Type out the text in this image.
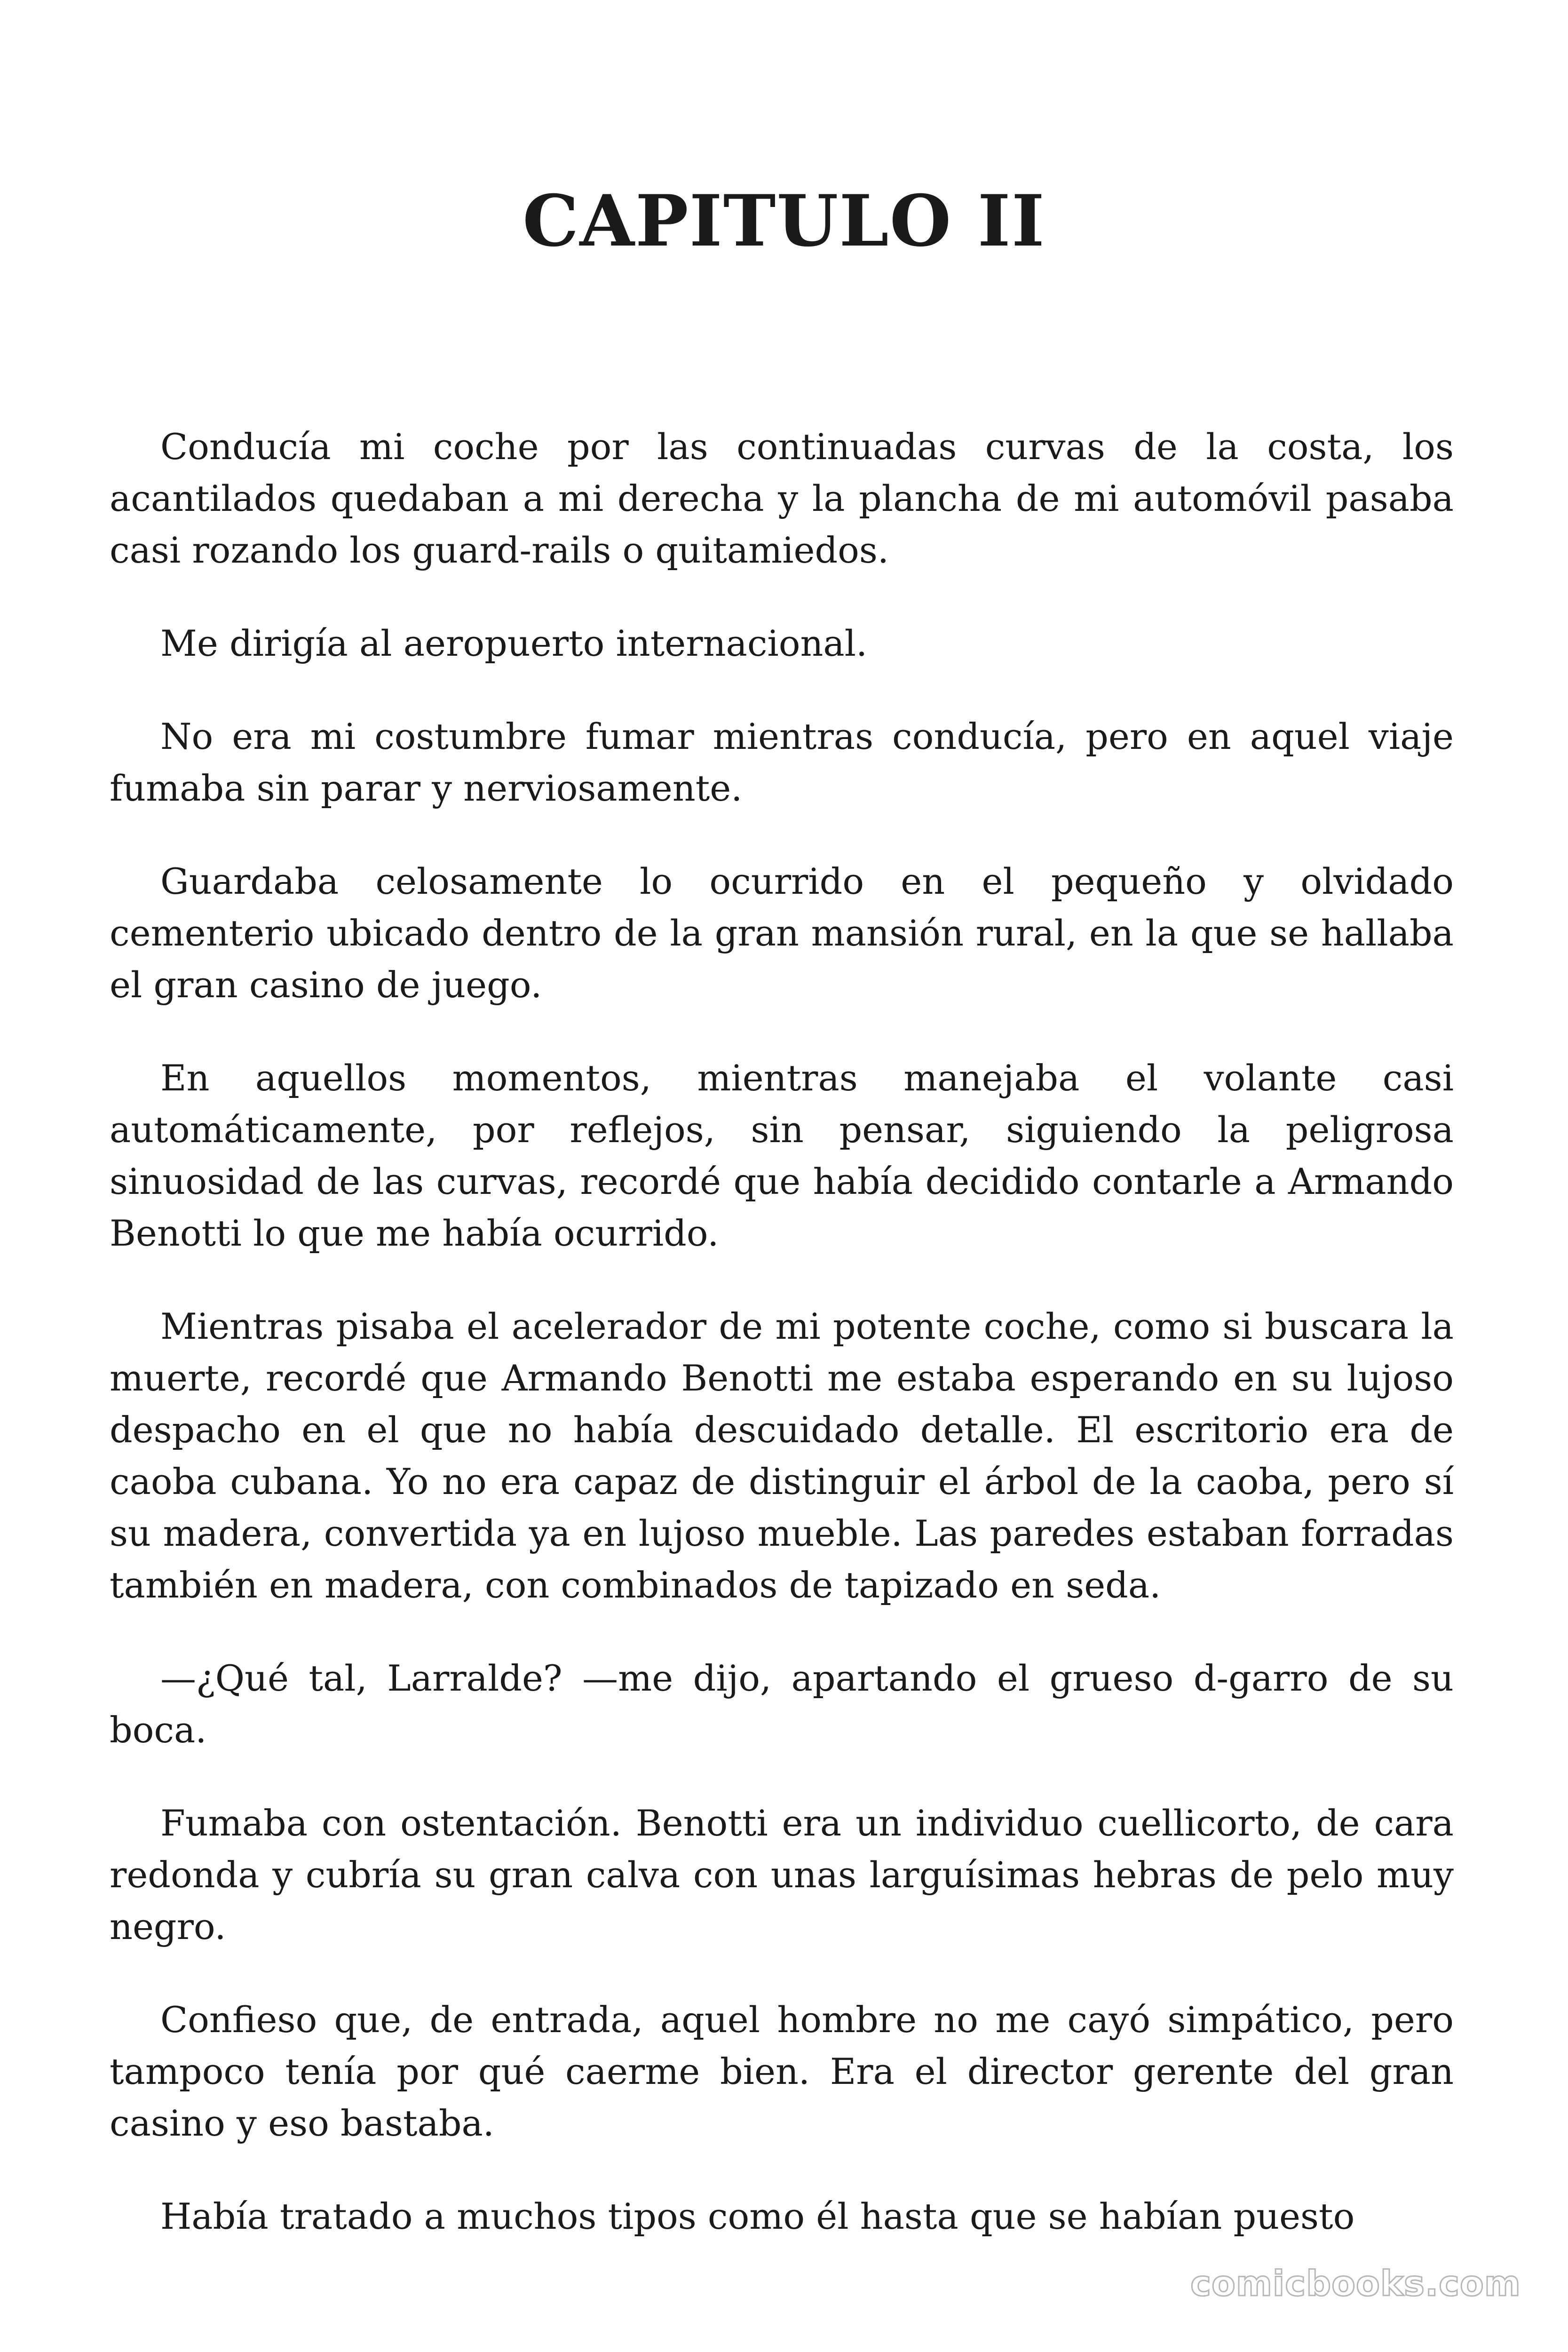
CAPITULO II

Conducía mi coche por las continuadas curvas de la costa, los acantilados quedaban a mi derecha y la plancha de mi automóvil pasaba casi rozando los guard-rails o quitamiedos.

Me dirigía al aeropuerto internacional.

No era mi costumbre fumar mientras conducía, pero en aquel viaje fumaba sin parar y nerviosamente.

Guardaba celosamente lo ocurrido en el pequeño y olvidado cementerio ubicado dentro de la gran mansión rural, en la que se hallaba el gran casino de juego.

En aquellos momentos, mientras manejaba el volante casi automáticamente, por reflejos, sin pensar, siguiendo la peligrosa sinuosidad de las curvas, recordé que había decidido contarle a Armando Benotti lo que me había ocurrido.

Mientras pisaba el acelerador de mi potente coche, como si buscara la muerte, recordé que Armando Benotti me estaba esperando en su lujoso despacho en el que no había descuidado detalle. El escritorio era de caoba cubana. Yo no era capaz de distinguir el árbol de la caoba, pero sí su madera, convertida ya en lujoso mueble. Las paredes estaban forradas también en madera, con combinados de tapizado en seda.

—¿Qué tal, Larralde? —me dijo, apartando el grueso d-garro de su boca.

Fumaba con ostentación. Benotti era un individuo cuellicorto, de cara redonda y cubría su gran calva con unas larguísimas hebras de pelo muy negro.

Confieso que, de entrada, aquel hombre no me cayó simpático, pero tampoco tenía por qué caerme bien. Era el director gerente del gran casino y eso bastaba.

Había tratado a muchos tipos como él hasta que se habían puesto

comicbooks.com
